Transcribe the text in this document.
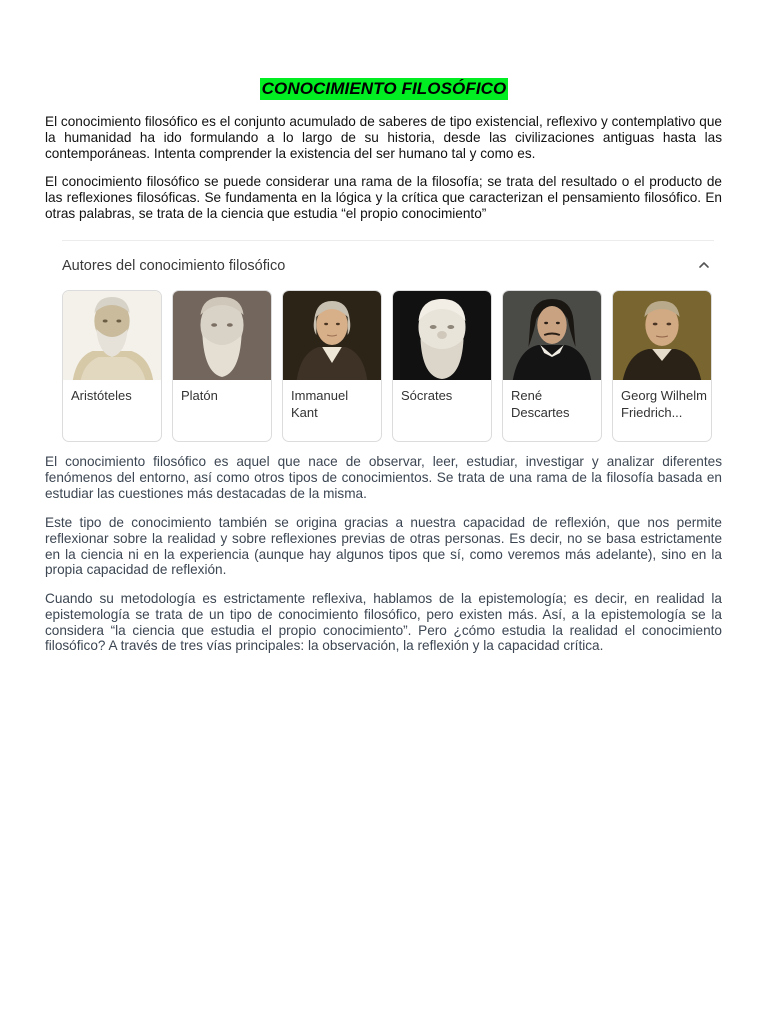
CONOCIMIENTO FILOSÓFICO

El conocimiento filosófico es el conjunto acumulado de saberes de tipo existencial, reflexivo y contemplativo que la humanidad ha ido formulando a lo largo de su historia, desde las civilizaciones antiguas hasta las contemporáneas. Intenta comprender la existencia del ser humano tal y como es.

El conocimiento filosófico se puede considerar una rama de la filosofía; se trata del resultado o el producto de las reflexiones filosóficas. Se fundamenta en la lógica y la crítica que caracterizan el pensamiento filosófico. En otras palabras, se trata de la ciencia que estudia “el propio conocimiento”

Autores del conocimiento filosófico
Aristóteles	Platón	Immanuel Kant
Sócrates	René Descartes
Georg Wilhelm Friedrich...

El conocimiento filosófico es aquel que nace de observar, leer, estudiar, investigar y analizar diferentes fenómenos del entorno, así como otros tipos de conocimientos. Se trata de una rama de la filosofía basada en estudiar las cuestiones más destacadas de la misma.

Este tipo de conocimiento también se origina gracias a nuestra capacidad de reflexión, que nos permite reflexionar sobre la realidad y sobre reflexiones previas de otras personas. Es decir, no se basa estrictamente en la ciencia ni en la experiencia (aunque hay algunos tipos que sí, como veremos más adelante), sino en la propia capacidad de reflexión.

Cuando su metodología es estrictamente reflexiva, hablamos de la epistemología; es decir, en realidad la epistemología se trata de un tipo de conocimiento filosófico, pero existen más. Así, a la epistemología se la considera “la ciencia que estudia el propio conocimiento”. Pero ¿cómo estudia la realidad el conocimiento filosófico? A través de tres vías principales: la observación, la reflexión y la capacidad crítica.
